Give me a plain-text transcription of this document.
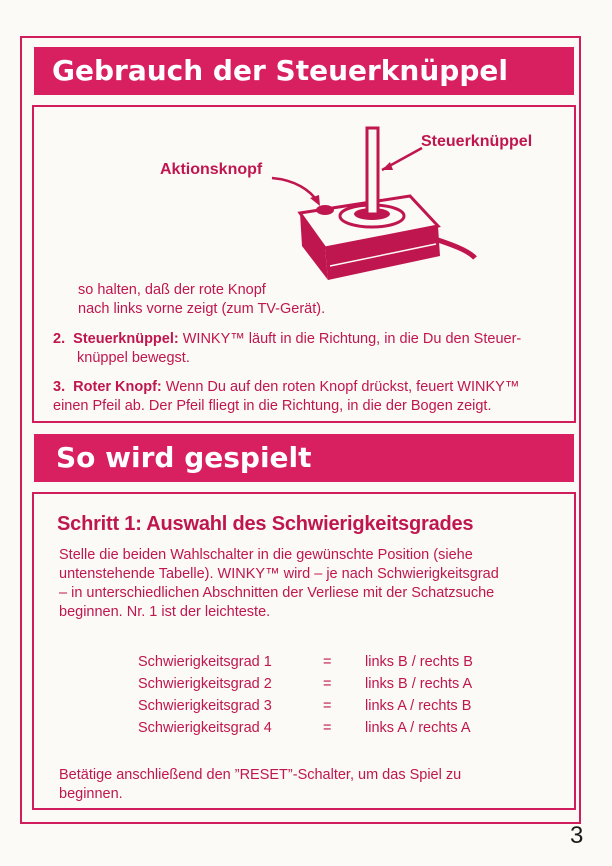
Gebrauch der Steuerknüppel
Steuerknüppel
Aktionsknopf
so halten, daß der rote Knopf
nach links vorne zeigt (zum TV-Gerät).
2. Steuerknüppel: WINKY™ läuft in die Richtung, in die Du den Steuer-
knüppel bewegst.
3. Roter Knopf: Wenn Du auf den roten Knopf drückst, feuert WINKY™
einen Pfeil ab. Der Pfeil fliegt in die Richtung, in die der Bogen zeigt.
So wird gespielt
Schritt 1: Auswahl des Schwierigkeitsgrades
Stelle die beiden Wahlschalter in die gewünschte Position (siehe
untenstehende Tabelle). WINKY™ wird – je nach Schwierigkeitsgrad
– in unterschiedlichen Abschnitten der Verliese mit der Schatzsuche
beginnen. Nr. 1 ist der leichteste.
Schwierigkeitsgrad 1	=	links B / rechts B
Schwierigkeitsgrad 2	=	links B / rechts A
Schwierigkeitsgrad 3	=	links A / rechts B
Schwierigkeitsgrad 4	=	links A / rechts A
Betätige anschließend den ”RESET”-Schalter, um das Spiel zu
beginnen.
3
